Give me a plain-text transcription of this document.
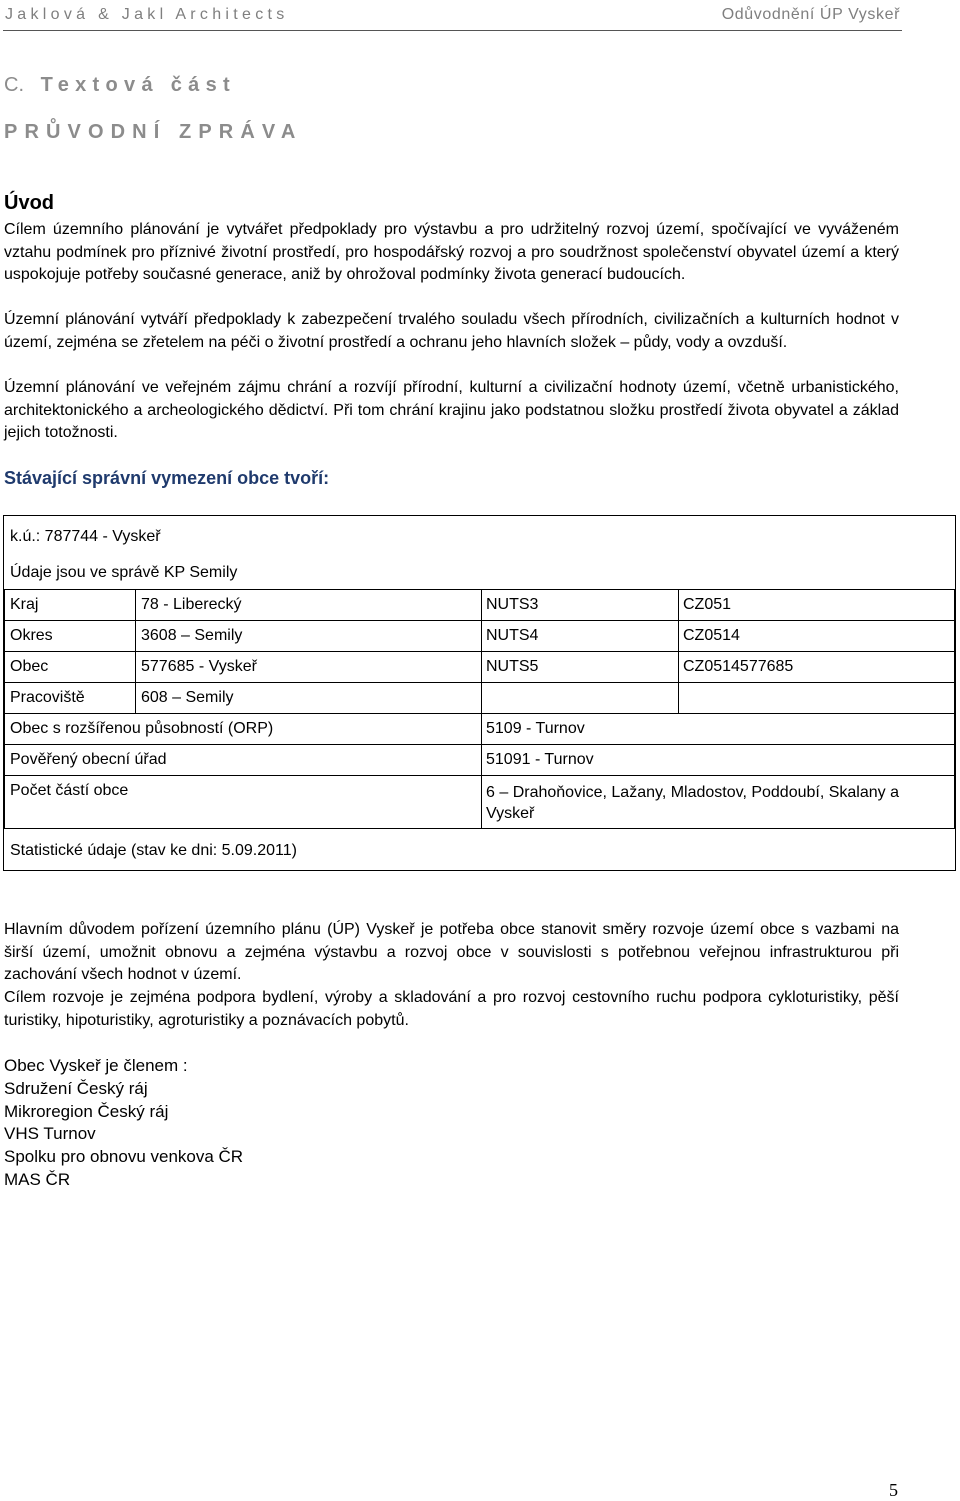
Jaklová & Jakl Architects	Odůvodnění ÚP Vyskeř
C. Textová část
PRŮVODNÍ ZPRÁVA
Úvod

Cílem územního plánování je vytvářet předpoklady pro výstavbu a pro udržitelný rozvoj území, spočívající ve vyváženém vztahu podmínek pro příznivé životní prostředí, pro hospodářský rozvoj a pro soudržnost společenství obyvatel území a který uspokojuje potřeby současné generace, aniž by ohrožoval podmínky života generací budoucích.

Územní plánování vytváří předpoklady k zabezpečení trvalého souladu všech přírodních, civilizačních a kulturních hodnot v území, zejména se zřetelem na péči o životní prostředí a ochranu jeho hlavních složek – půdy, vody a ovzduší.

Územní plánování ve veřejném zájmu chrání a rozvíjí přírodní, kulturní a civilizační hodnoty území, včetně urbanistického, architektonického a archeologického dědictví. Při tom chrání krajinu jako podstatnou složku prostředí života obyvatel a základ jejich totožnosti.

Stávající správní vymezení obce tvoří:
k.ú.: 787744 - Vyskeř
Údaje jsou ve správě KP Semily
Kraj	78 - Liberecký	NUTS3	CZ051
Okres	3608 – Semily	NUTS4	CZ0514
Obec	577685 - Vyskeř	NUTS5	CZ0514577685
Pracoviště	608 – Semily
Obec s rozšířenou působností (ORP)	5109 - Turnov
Pověřený obecní úřad	51091 - Turnov
Počet částí obce	6 – Drahoňovice, Lažany, Mladostov, Poddoubí, Skalany a Vyskeř
Statistické údaje (stav ke dni: 5.09.2011)

Hlavním důvodem pořízení územního plánu (ÚP) Vyskeř je potřeba obce stanovit směry rozvoje území obce s vazbami na širší území, umožnit obnovu a zejména výstavbu a rozvoj obce v souvislosti s potřebnou veřejnou infrastrukturou při zachování všech hodnot v území.

Cílem rozvoje je zejména podpora bydlení, výroby a skladování a pro rozvoj cestovního ruchu podpora cykloturistiky, pěší turistiky, hipoturistiky, agroturistiky a poznávacích pobytů.

Obec Vyskeř je členem :
Sdružení Český ráj
Mikroregion Český ráj
VHS Turnov
Spolku pro obnovu venkova ČR
MAS ČR
5
